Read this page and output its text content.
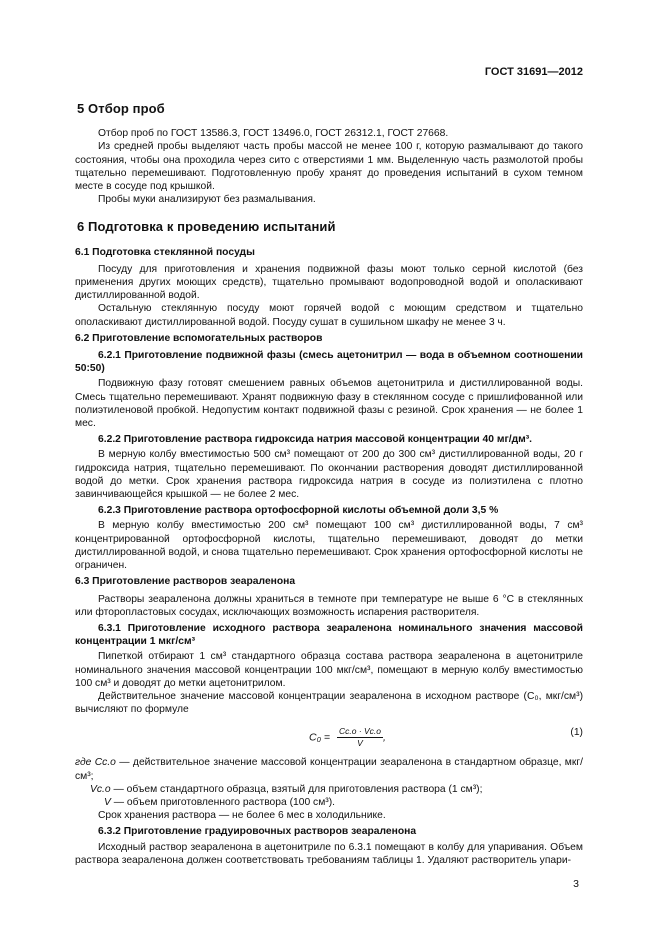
ГОСТ 31691—2012

5 Отбор проб

Отбор проб по ГОСТ 13586.3, ГОСТ 13496.0, ГОСТ 26312.1, ГОСТ 27668.

Из средней пробы выделяют часть пробы массой не менее 100 г, которую размалывают до такого состояния, чтобы она проходила через сито с отверстиями 1 мм. Выделенную часть размолотой пробы тщательно перемешивают. Подготовленную пробу хранят до проведения испытаний в сухом темном месте в сосуде под крышкой.

Пробы муки анализируют без размалывания.

6 Подготовка к проведению испытаний

6.1 Подготовка стеклянной посуды

Посуду для приготовления и хранения подвижной фазы моют только серной кислотой (без применения других моющих средств), тщательно промывают водопроводной водой и ополаскивают дистиллированной водой.

Остальную стеклянную посуду моют горячей водой с моющим средством и тщательно ополаскивают дистиллированной водой. Посуду сушат в сушильном шкафу не менее 3 ч.

6.2 Приготовление вспомогательных растворов

6.2.1 Приготовление подвижной фазы (смесь ацетонитрил — вода в объемном соотношении 50:50)

Подвижную фазу готовят смешением равных объемов ацетонитрила и дистиллированной воды. Смесь тщательно перемешивают. Хранят подвижную фазу в стеклянном сосуде с пришлифованной или полиэтиленовой пробкой. Недопустим контакт подвижной фазы с резиной. Срок хранения — не более 1 мес.

6.2.2 Приготовление раствора гидроксида натрия массовой концентрации 40 мг/дм³.

В мерную колбу вместимостью 500 см³ помещают от 200 до 300 см³ дистиллированной воды, 20 г гидроксида натрия, тщательно перемешивают. По окончании растворения доводят дистиллированной водой до метки. Срок хранения раствора гидроксида натрия в сосуде из полиэтилена с плотно завинчивающейся крышкой — не более 2 мес.

6.2.3 Приготовление раствора ортофосфорной кислоты объемной доли 3,5 %

В мерную колбу вместимостью 200 см³ помещают 100 см³ дистиллированной воды, 7 см³ концентрированной ортофосфорной кислоты, тщательно перемешивают, доводят до метки дистиллированной водой, и снова тщательно перемешивают. Срок хранения ортофосфорной кислоты не ограничен.

6.3 Приготовление растворов зеараленона

Растворы зеараленона должны храниться в темноте при температуре не выше 6 °С в стеклянных или фторопластовых сосудах, исключающих возможность испарения растворителя.

6.3.1 Приготовление исходного раствора зеараленона номинального значения массовой концентрации 1 мкг/см³

Пипеткой отбирают 1 см³ стандартного образца состава раствора зеараленона в ацетонитриле номинального значения массовой концентрации 100 мкг/см³, помещают в мерную колбу вместимостью 100 см³ и доводят до метки ацетонитрилом.

Действительное значение массовой концентрации зеараленона в исходном растворе (C₀, мкг/см³) вычисляют по формуле

$C_0 = \frac{Cс.о \cdot Vс.о}{V}$ ,	(1)

где Cс.о — действительное значение массовой концентрации зеараленона в стандартном образце, мкг/см³;

Vс.о — объем стандартного образца, взятый для приготовления раствора (1 см³);

V — объем приготовленного раствора (100 см³).

Срок хранения раствора — не более 6 мес в холодильнике.

6.3.2 Приготовление градуировочных растворов зеараленона

Исходный раствор зеараленона в ацетонитриле по 6.3.1 помещают в колбу для упаривания. Объем раствора зеараленона должен соответствовать требованиям таблицы 1. Удаляют растворитель упари-

3
